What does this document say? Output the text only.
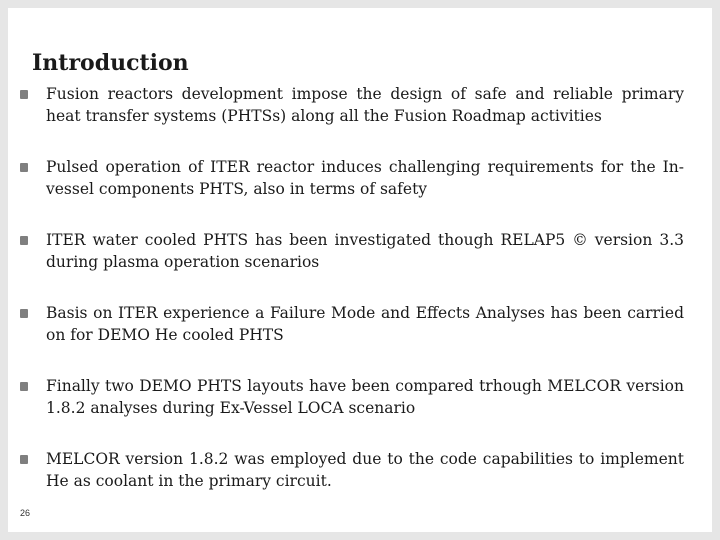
Introduction

Fusion reactors development impose the design of safe and reliable primary heat transfer systems (PHTSs) along all the Fusion Roadmap activities

Pulsed operation of ITER reactor induces challenging requirements for the In-vessel components PHTS, also in terms of safety

ITER water cooled PHTS has been investigated though RELAP5 © version 3.3 during plasma operation scenarios

Basis on ITER experience a Failure Mode and Effects Analyses has been carried on for DEMO He cooled PHTS

Finally two DEMO PHTS layouts have been compared trhough MELCOR version 1.8.2 analyses during Ex-Vessel LOCA scenario

MELCOR version 1.8.2 was employed due to the code capabilities to implement He as coolant in the primary circuit.

26
